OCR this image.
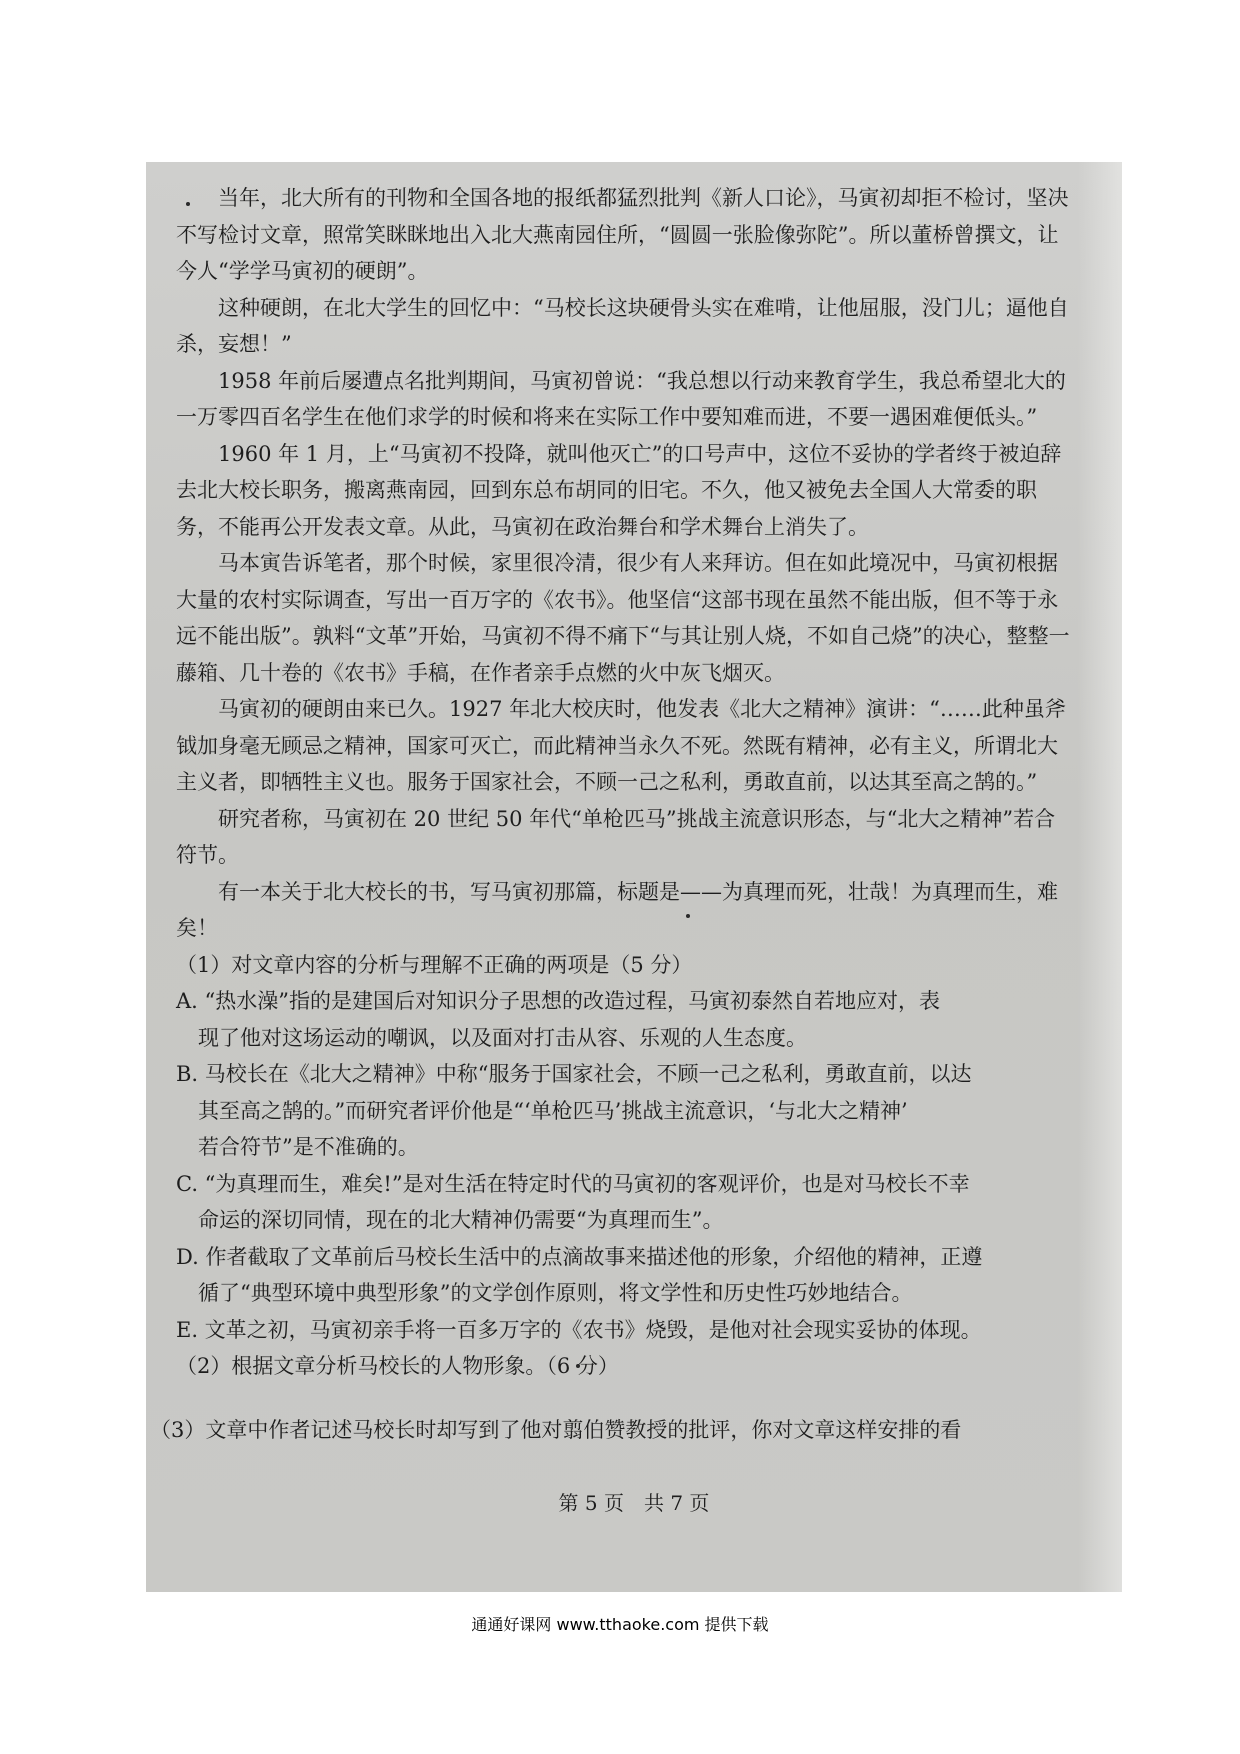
当年，北大所有的刊物和全国各地的报纸都猛烈批判《新人口论》，马寅初却拒不检讨，坚决不写检讨文章，照常笑眯眯地出入北大燕南园住所，“圆圆一张脸像弥陀”。所以董桥曾撰文，让今人“学学马寅初的硬朗”。

这种硬朗，在北大学生的回忆中：“马校长这块硬骨头实在难啃，让他屈服，没门儿；逼他自杀，妄想！”

1958 年前后屡遭点名批判期间，马寅初曾说：“我总想以行动来教育学生，我总希望北大的一万零四百名学生在他们求学的时候和将来在实际工作中要知难而进，不要一遇困难便低头。”

1960 年 1 月，上“马寅初不投降，就叫他灭亡”的口号声中，这位不妥协的学者终于被迫辞去北大校长职务，搬离燕南园，回到东总布胡同的旧宅。不久，他又被免去全国人大常委的职务，不能再公开发表文章。从此，马寅初在政治舞台和学术舞台上消失了。

马本寅告诉笔者，那个时候，家里很冷清，很少有人来拜访。但在如此境况中，马寅初根据大量的农村实际调查，写出一百万字的《农书》。他坚信“这部书现在虽然不能出版，但不等于永远不能出版”。孰料“文革”开始，马寅初不得不痛下“与其让别人烧，不如自己烧”的决心，整整一藤箱、几十卷的《农书》手稿，在作者亲手点燃的火中灰飞烟灭。

马寅初的硬朗由来已久。1927 年北大校庆时，他发表《北大之精神》演讲：“……此种虽斧钺加身毫无顾忌之精神，国家可灭亡，而此精神当永久不死。然既有精神，必有主义，所谓北大主义者，即牺牲主义也。服务于国家社会，不顾一己之私利，勇敢直前，以达其至高之鹄的。”

研究者称，马寅初在 20 世纪 50 年代“单枪匹马”挑战主流意识形态，与“北大之精神”若合符节。

有一本关于北大校长的书，写马寅初那篇，标题是——为真理而死，壮哉！为真理而生，难矣！

（1）对文章内容的分析与理解不正确的两项是（5 分）
A. “热水澡”指的是建国后对知识分子思想的改造过程，马寅初泰然自若地应对，表
现了他对这场运动的嘲讽，以及面对打击从容、乐观的人生态度。
B. 马校长在《北大之精神》中称“服务于国家社会，不顾一己之私利，勇敢直前，以达
其至高之鹄的。”而研究者评价他是“‘单枪匹马’挑战主流意识，‘与北大之精神’
若合符节”是不准确的。
C. “为真理而生，难矣!”是对生活在特定时代的马寅初的客观评价，也是对马校长不幸
命运的深切同情，现在的北大精神仍需要“为真理而生”。
D. 作者截取了文革前后马校长生活中的点滴故事来描述他的形象，介绍他的精神，正遵
循了“典型环境中典型形象”的文学创作原则，将文学性和历史性巧妙地结合。
E. 文革之初，马寅初亲手将一百多万字的《农书》烧毁，是他对社会现实妥协的体现。
（2）根据文章分析马校长的人物形象。（6 分）
（3）文章中作者记述马校长时却写到了他对翦伯赞教授的批评，你对文章这样安排的看
第 5 页　共 7 页
通通好课网 www.tthaoke.com 提供下载
